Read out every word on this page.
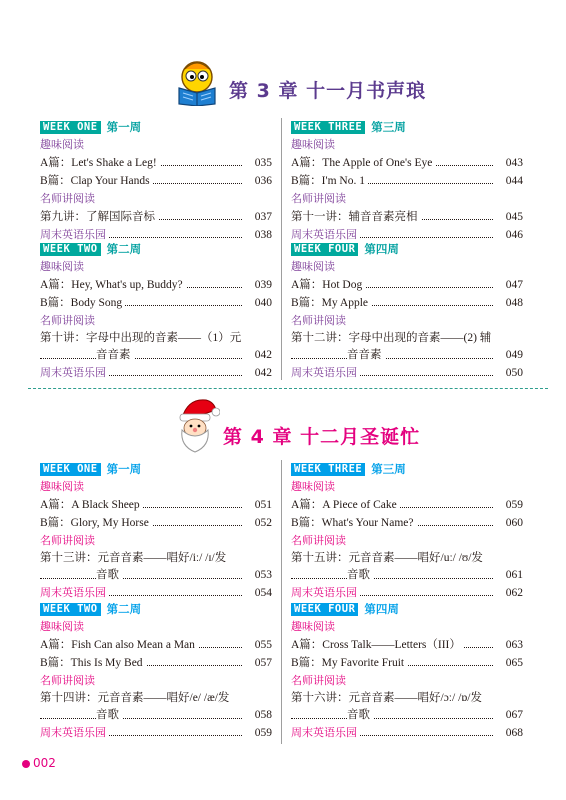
第 3 章 十一月书声琅
WEEK ONE 第一周
趣味阅读
A篇：Let's Shake a Leg!	035
B篇：Clap Your Hands	036
名师讲阅读
第九讲：了解国际音标	037
周末英语乐园	038
WEEK THREE 第三周
趣味阅读
A篇：The Apple of One's Eye	043
B篇：I'm No. 1	044
名师讲阅读
第十一讲：辅音音素亮相	045
周末英语乐园	046
WEEK TWO 第二周
趣味阅读
A篇：Hey, What's up, Buddy?	039
B篇：Body Song	040
名师讲阅读
第十讲：字母中出现的音素——（1）元
音音素	042
周末英语乐园	042
WEEK FOUR 第四周
趣味阅读
A篇：Hot Dog	047
B篇：My Apple	048
名师讲阅读
第十二讲：字母中出现的音素——(2) 辅
音音素	049
周末英语乐园	050
第 4 章 十二月圣诞忙
WEEK ONE 第一周
趣味阅读
A篇：A Black Sheep	051
B篇：Glory, My Horse	052
名师讲阅读
第十三讲：元音音素——唱好/iː/ /ɪ/发
音歌	053
周末英语乐园	054
WEEK THREE 第三周
趣味阅读
A篇：A Piece of Cake	059
B篇：What's Your Name?	060
名师讲阅读
第十五讲：元音音素——唱好/uː/ /ʊ/发
音歌	061
周末英语乐园	062
WEEK TWO 第二周
趣味阅读
A篇：Fish Can also Mean a Man	055
B篇：This Is My Bed	057
名师讲阅读
第十四讲：元音音素——唱好/e/ /æ/发
音歌	058
周末英语乐园	059
WEEK FOUR 第四周
趣味阅读
A篇：Cross Talk——Letters（III）	063
B篇：My Favorite Fruit	065
名师讲阅读
第十六讲：元音音素——唱好/ɔː/ /ɒ/发
音歌	067
周末英语乐园	068
002
